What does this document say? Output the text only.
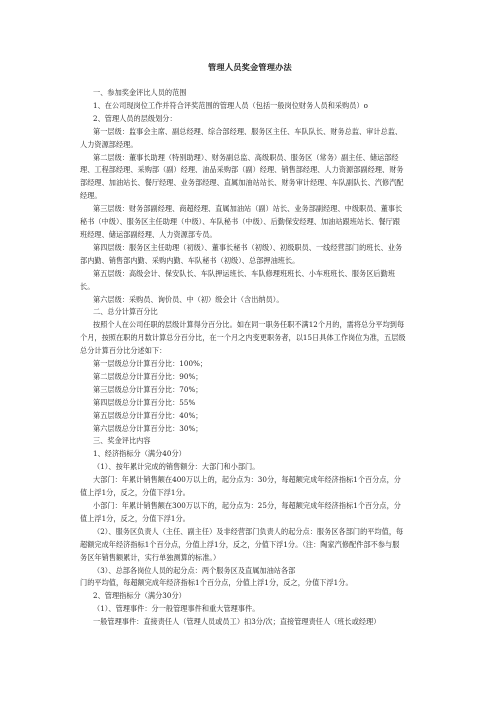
管理人员奖金管理办法

一、参加奖金评比人员的范围

1、在公司现岗位工作并符合评奖范围的管理人员（包括一般岗位财务人员和采购员）o

2、管理人员的层级划分：

第一层级：监事会主席、副总经理、综合部经理、服务区主任、车队队长、财务总监、审计总监、人力资源部经理。

第二层级：董事长助理（特别助理）、财务副总监、高级职员、服务区（常务）副主任、储运部经理、工程部经理、采购部（副）经理、油品采购部（副）经理、销售部经理、人力资源部副经理、财务部经理、加油站长、餐厅经理、业务部经理、直属加油站站长、财务审计经理、车队副队长、汽修汽配经理。

第三层级：财务部副经理、商超经理、直属加油站（副）站长、业务部副经理、中级职员、董事长秘书（中级）、服务区主任助理（中级）、车队秘书（中级）、后勤保安经理、加油站跟班站长、餐厅跟班经理、储运部副经理、人力资源部专员。

第四层级：服务区主任助理（初级）、董事长秘书（初级）、初级职员、一线经营部门的班长、业务部内勤、销售部内勤、采购内勤、车队秘书（初级）、总部押油班长。

第五层级：高级会计、保安队长、车队押运班长、车队修理班班长、小车班班长、服务区后勤班长。

第六层级：采购员、询价员、中（初）级会计（含出纳员）。

二、总分计算百分比

按照个人在公司任职的层级计算得分百分比。如在同一职务任职不满12个月的，需将总分平均到每个月，按照在职的月数计算总分百分比，在一个月之内变更职务者，以15日具体工作岗位为准，五层级总分计算百分比分述如下：

第一层级总分计算百分比：100%；

第二层级总分计算百分比：90%；

第三层级总分计算百分比：70%；

第四层级总分计算百分比：55%

第五层级总分计算百分比：40%；

第六层级总分计算百分比：30%；

三、奖金评比内容

1、经济指标分（满分40分）

（1）、按年累计完成的销售额分：大部门和小部门。

大部门：年累计销售额在400万以上的，起分点为：30分，每超额完成年经济指标1个百分点，分值上浮1分，反之，分值下浮1分。

小部门：年累计销售额在300万以下的，起分点为：25分，每超额完成年经济指标1个百分点，分值上浮1分，反之，分值下浮1分。

（2）、服务区负责人（主任、副主任）及非经营部门负责人的起分点：服务区各部门的平均值，每超额完成年经济指标1个百分点，分值上浮1分，反之，分值下浮1分。（注：陶家汽修配件部不参与服务区年销售额累计，实行单独测算的标准。）

（3）、总部各岗位人员的起分点：两个服务区及直属加油站各部

门的平均值，每超额完成年经济指标1个百分点，分值上浮1分，反之，分值下浮1分。

2、管理指标分（满分30分）

（1）、管理事件：分一般管理事件和重大管理事件。

一般管理事件：直接责任人（管理人员或员工）扣3分/次；直接管理责任人（班长或经理）
